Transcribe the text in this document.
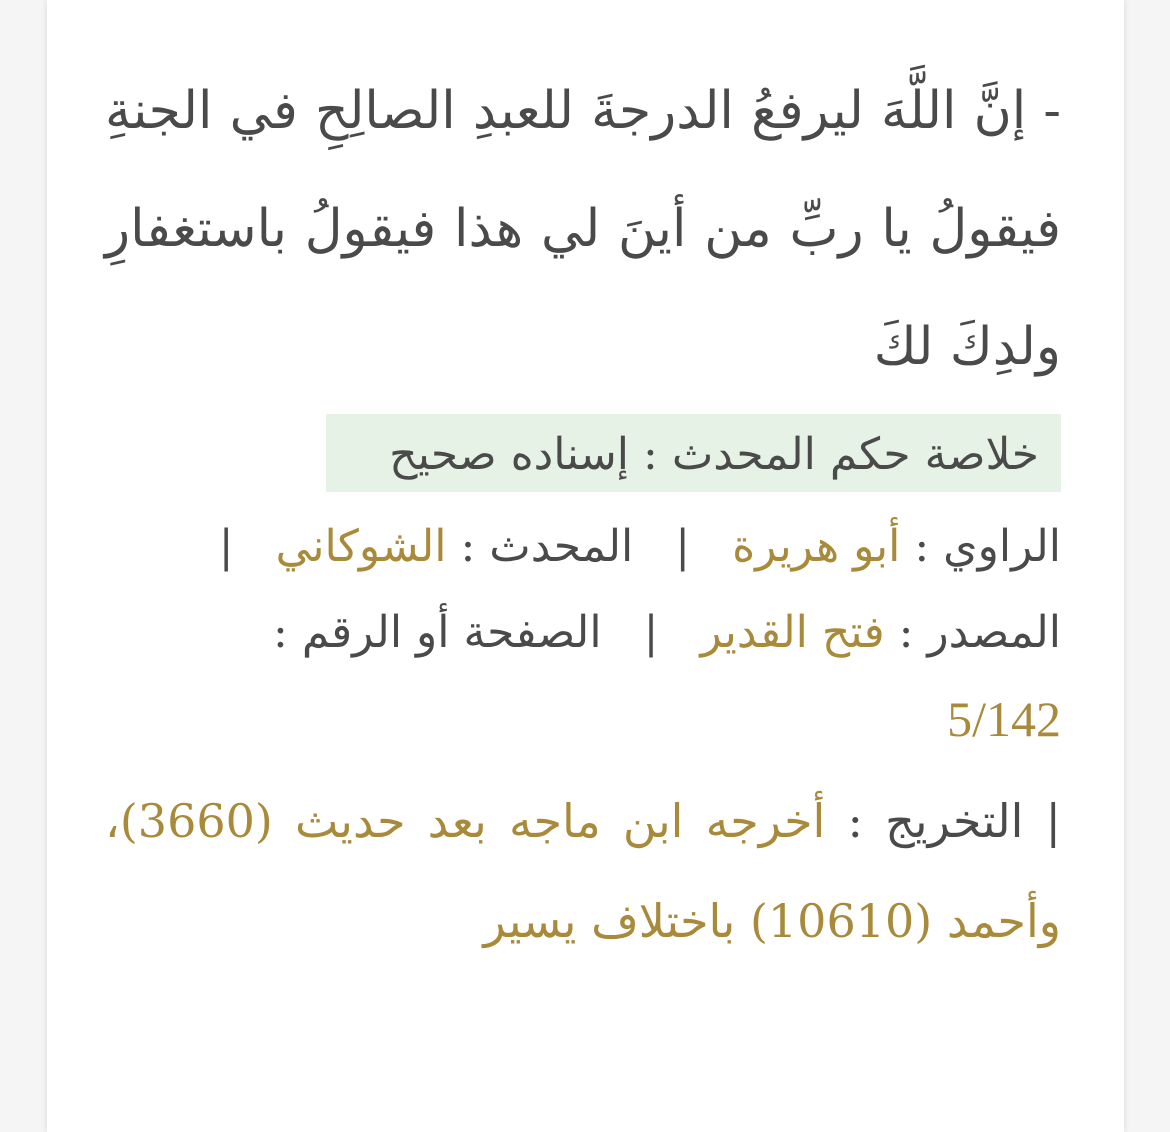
- إنَّ اللَّهَ ليرفعُ الدرجةَ للعبدِ الصالِحِ في الجنةِ فيقولُ يا ربِّ من أينَ لي هذا فيقولُ باستغفارِ ولدِكَ لكَ
خلاصة حكم المحدث : إسناده صحيح
الراوي : أبو هريرة | المحدث : الشوكاني |
المصدر : فتح القدير | الصفحة أو الرقم :
5/142
| التخريج : أخرجه ابن ماجه بعد حديث (3660)، وأحمد (10610) باختلاف يسير
